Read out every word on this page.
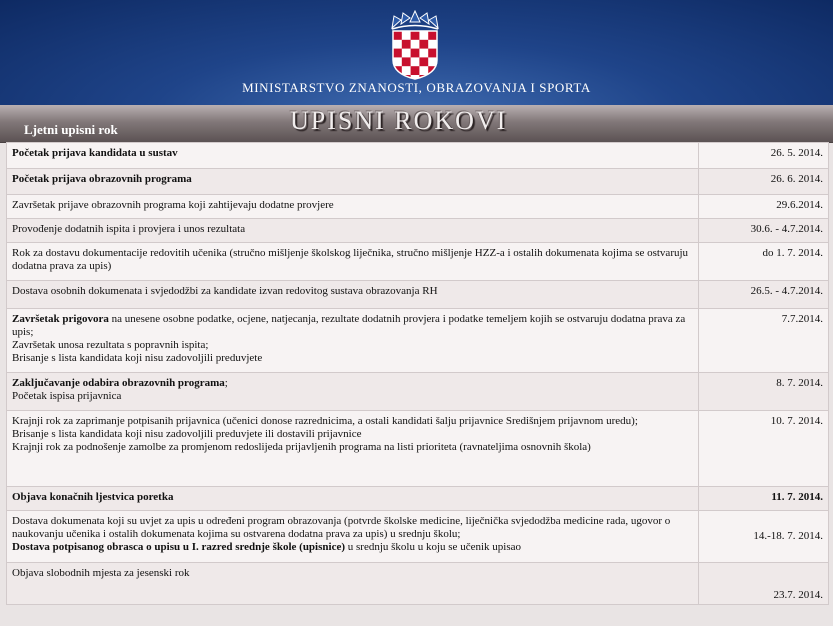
MINISTARSTVO ZNANOSTI, OBRAZOVANJA I SPORTA
Ljetni upisni rok	UPISNI ROKOVI
Početak prijava kandidata u sustav	26. 5. 2014.
Početak prijava obrazovnih programa	26. 6. 2014.
Završetak prijave obrazovnih programa koji zahtijevaju dodatne provjere	29.6.2014.
Provođenje dodatnih ispita i provjera i unos rezultata	30.6. - 4.7.2014.
Rok za dostavu dokumentacije redovitih učenika (stručno mišljenje školskog liječnika, stručno mišljenje HZZ-a i ostalih dokumenata kojima se ostvaruju dodatna prava za upis)	do 1. 7. 2014.
Dostava osobnih dokumenata i svjedodžbi za kandidate izvan redovitog sustava obrazovanja RH	26.5. - 4.7.2014.
Završetak prigovora na unesene osobne podatke, ocjene, natjecanja, rezultate dodatnih provjera i podatke temeljem kojih se ostvaruju dodatna prava za upis;
Završetak unosa rezultata s popravnih ispita;
Brisanje s lista kandidata koji nisu zadovoljili preduvjete	7.7.2014.
Zaključavanje odabira obrazovnih programa;
Početak ispisa prijavnica	8. 7. 2014.
Krajnji rok za zaprimanje potpisanih prijavnica (učenici donose razrednicima, a ostali kandidati šalju prijavnice Središnjem prijavnom uredu);
Brisanje s lista kandidata koji nisu zadovoljili preduvjete ili dostavili prijavnice
Krajnji rok za podnošenje zamolbe za promjenom redoslijeda prijavljenih programa na listi prioriteta (ravnateljima osnovnih škola)	10. 7. 2014.
Objava konačnih ljestvica poretka	11. 7. 2014.
Dostava dokumenata koji su uvjet za upis u određeni program obrazovanja (potvrde školske medicine, liječnička svjedodžba medicine rada, ugovor o naukovanju učenika i ostalih dokumenata kojima su ostvarena dodatna prava za upis) u srednju školu;
Dostava potpisanog obrasca o upisu u I. razred srednje škole (upisnice) u srednju školu u koju se učenik upisao	14.-18. 7. 2014.
Objava slobodnih mjesta za jesenski rok	23.7. 2014.
